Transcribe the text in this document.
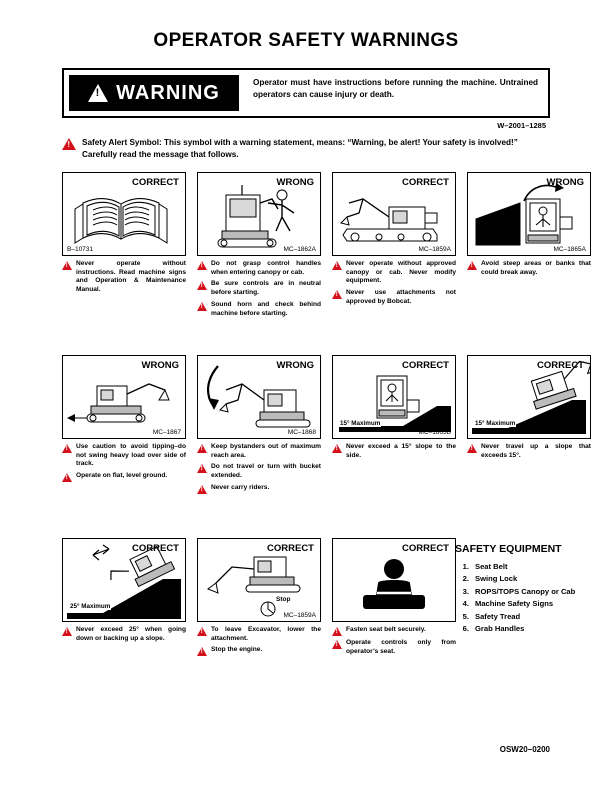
OPERATOR SAFETY WARNINGS
!
WARNING	Operator must have instructions before running the machine. Untrained operators can cause injury or death.
W–2001–1285
!
Safety Alert Symbol: This symbol with a warning statement, means: “Warning, be alert! Your safety is involved!” Carefully read the message that follows.
CORRECT
B–10731
!
Never operate without instructions. Read machine signs and Operation & Maintenance Manual.
WRONG
MC–1862A
!
Do not grasp control handles when entering canopy or cab.
!
Be sure controls are in neutral before starting.
!
Sound horn and check behind machine before starting.
CORRECT
MC–1859A
!
Never operate without approved canopy or cab. Never modify equipment.
!
Never use attachments not approved by Bobcat.
WRONG
MC–1865A
!
Avoid steep areas or banks that could break away.
WRONG
MC–1867
!
Use caution to avoid tipping–do not swing heavy load over side of track.
!
Operate on flat, level ground.
WRONG
MC–1868
!
Keep bystanders out of maximum reach area.
!
Do not travel or turn with bucket extended.
!
Never carry riders.
CORRECT
15° Maximum
MC–1865B
!
Never exceed a 15° slope to the side.
CORRECT
15° Maximum
MC–1878C
!
Never travel up a slope that exceeds 15°.
CORRECT
25° Maximum
MC–1878B
!
Never exceed 25° when going down or backing up a slope.
CORRECT
Stop
MC–1859A
!
To leave Excavator, lower the attachment.
!
Stop the engine.
CORRECT
!
Fasten seat belt securely.
!
Operate controls only from operator’s seat.
SAFETY EQUIPMENT
1. Seat Belt
2. Swing Lock
3. ROPS/TOPS Canopy or Cab
4. Machine Safety Signs
5. Safety Tread
6. Grab Handles
OSW20–0200
